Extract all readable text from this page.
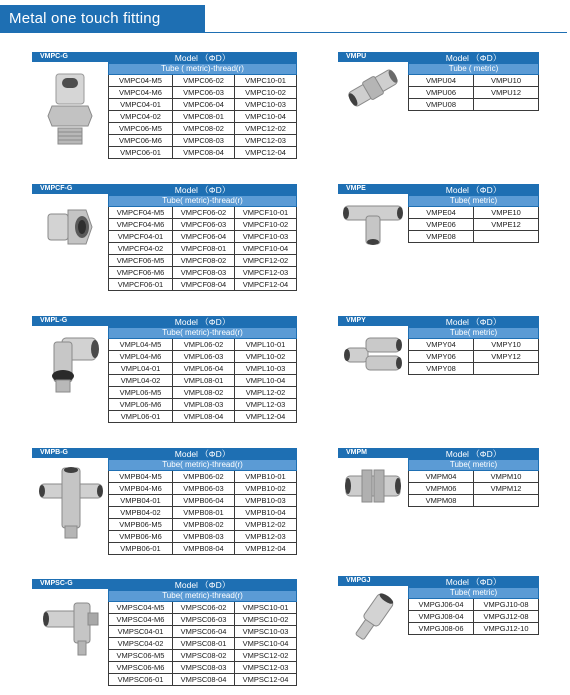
Metal one touch fitting
VMPC-G	Model （ΦD）		
Tube ( metric)-thread(r)		
VMPC04-M5	VMPC06-02	VMPC10-01
VMPC04-M6	VMPC06-03	VMPC10-02
VMPC04-01	VMPC06-04	VMPC10-03
VMPC04-02	VMPC08-01	VMPC10-04
VMPC06-M5	VMPC08-02	VMPC12-02
VMPC06-M6	VMPC08-03	VMPC12-03
VMPC06-01	VMPC08-04	VMPC12-04
VMPU	Model （ΦD）	
Tube ( metric)	
VMPU04	VMPU10
VMPU06	VMPU12
VMPU08	
VMPCF-G	Model （ΦD）		
Tube( metric)-thread(r)		
VMPCF04-M5	VMPCF06-02	VMPCF10-01
VMPCF04-M6	VMPCF06-03	VMPCF10-02
VMPCF04-01	VMPCF06-04	VMPCF10-03
VMPCF04-02	VMPCF08-01	VMPCF10-04
VMPCF06-M5	VMPCF08-02	VMPCF12-02
VMPCF06-M6	VMPCF08-03	VMPCF12-03
VMPCF06-01	VMPCF08-04	VMPCF12-04
VMPE	Model （ΦD）	
Tube( metric)	
VMPE04	VMPE10
VMPE06	VMPE12
VMPE08	
VMPL-G	Model （ΦD）		
Tube( metric)-thread(r)		
VMPL04-M5	VMPL06-02	VMPL10-01
VMPL04-M6	VMPL06-03	VMPL10-02
VMPL04-01	VMPL06-04	VMPL10-03
VMPL04-02	VMPL08-01	VMPL10-04
VMPL06-M5	VMPL08-02	VMPL12-02
VMPL06-M6	VMPL08-03	VMPL12-03
VMPL06-01	VMPL08-04	VMPL12-04
VMPY	Model （ΦD）	
Tube( metric)	
VMPY04	VMPY10
VMPY06	VMPY12
VMPY08	
VMPB-G	Model （ΦD）		
Tube( metric)-thread(r)		
VMPB04-M5	VMPB06-02	VMPB10-01
VMPB04-M6	VMPB06-03	VMPB10-02
VMPB04-01	VMPB06-04	VMPB10-03
VMPB04-02	VMPB08-01	VMPB10-04
VMPB06-M5	VMPB08-02	VMPB12-02
VMPB06-M6	VMPB08-03	VMPB12-03
VMPB06-01	VMPB08-04	VMPB12-04
VMPM	Model （ΦD）	
Tube( metric)	
VMPM04	VMPM10
VMPM06	VMPM12
VMPM08	
VMPSC-G	Model （ΦD）		
Tube( metric)-thread(r)		
VMPSC04-M5	VMPSC06-02	VMPSC10-01
VMPSC04-M6	VMPSC06-03	VMPSC10-02
VMPSC04-01	VMPSC06-04	VMPSC10-03
VMPSC04-02	VMPSC08-01	VMPSC10-04
VMPSC06-M5	VMPSC08-02	VMPSC12-02
VMPSC06-M6	VMPSC08-03	VMPSC12-03
VMPSC06-01	VMPSC08-04	VMPSC12-04
VMPGJ	Model （ΦD）	
Tube( metric)	
VMPGJ06-04	VMPGJ10-08
VMPGJ08-04	VMPGJ12-08
VMPGJ08-06	VMPGJ12-10
